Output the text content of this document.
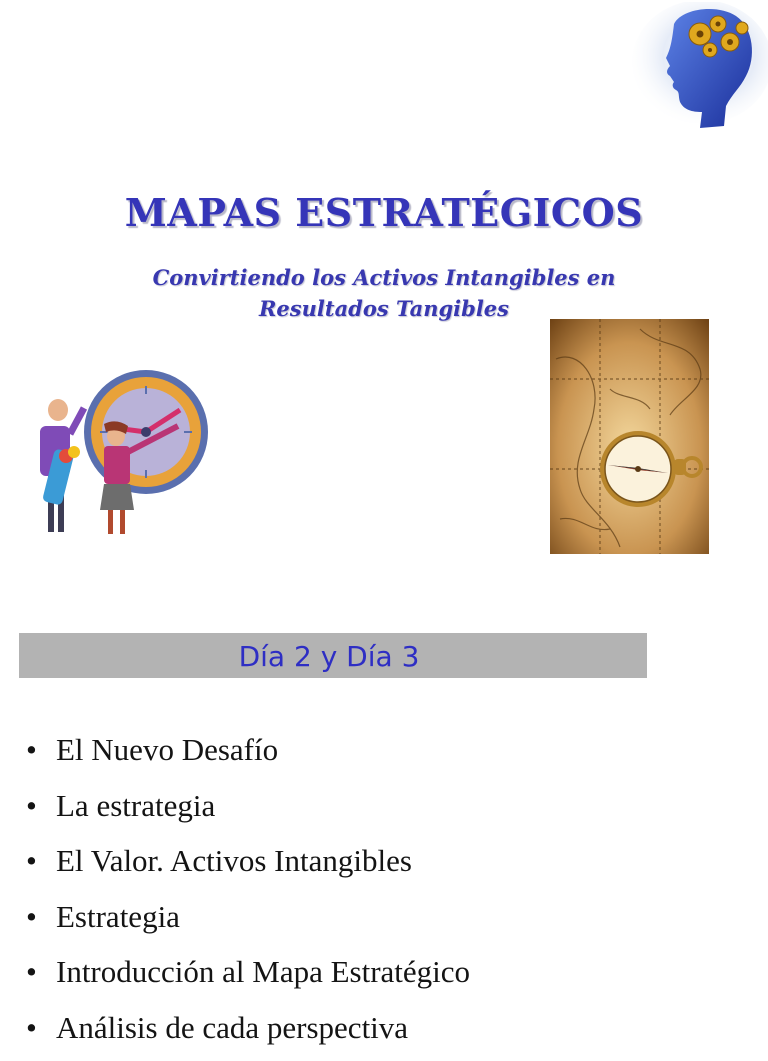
MAPAS ESTRATÉGICOS
Convirtiendo los Activos Intangibles en
Resultados Tangibles
Día 2 y Día 3
• El Nuevo Desafío
• La estrategia
• El Valor. Activos Intangibles
• Estrategia
• Introducción al Mapa Estratégico
• Análisis de cada perspectiva
